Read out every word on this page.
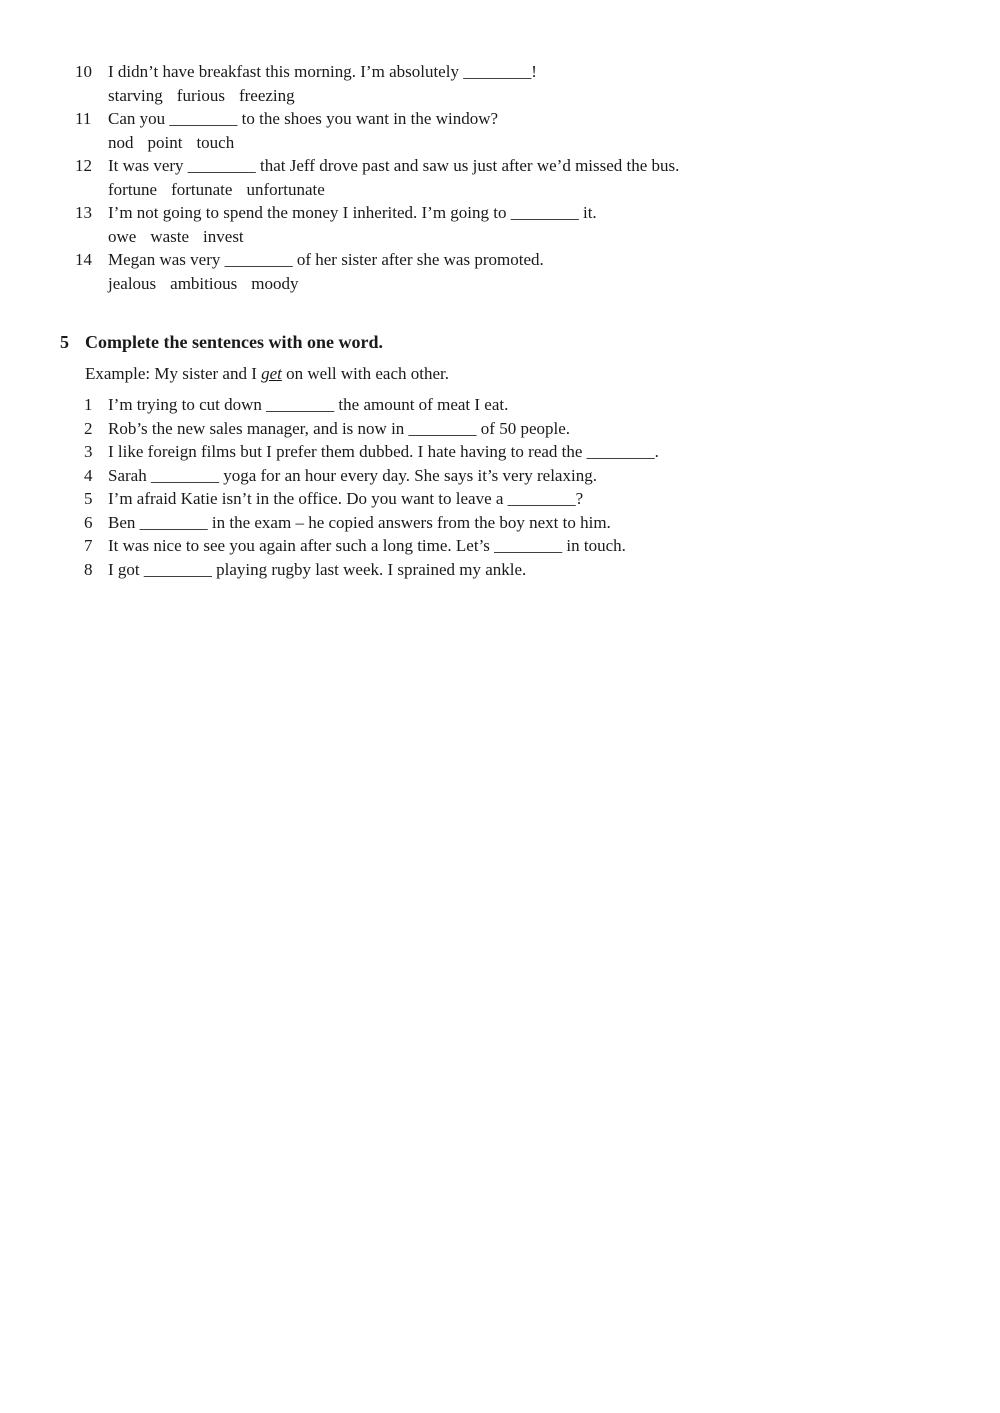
10 I didn’t have breakfast this morning. I’m absolutely ________!
starving furious freezing
11 Can you ________ to the shoes you want in the window?
nod point touch
12 It was very ________ that Jeff drove past and saw us just after we’d missed the bus.
fortune fortunate unfortunate
13 I’m not going to spend the money I inherited. I’m going to ________ it.
owe waste invest
14 Megan was very ________ of her sister after she was promoted.
jealous ambitious moody
5 Complete the sentences with one word.
Example: My sister and I get on well with each other.
1 I’m trying to cut down ________ the amount of meat I eat.
2 Rob’s the new sales manager, and is now in ________ of 50 people.
3 I like foreign films but I prefer them dubbed. I hate having to read the ________.
4 Sarah ________ yoga for an hour every day. She says it’s very relaxing.
5 I’m afraid Katie isn’t in the office. Do you want to leave a ________?
6 Ben ________ in the exam – he copied answers from the boy next to him.
7 It was nice to see you again after such a long time. Let’s ________ in touch.
8 I got ________ playing rugby last week. I sprained my ankle.
